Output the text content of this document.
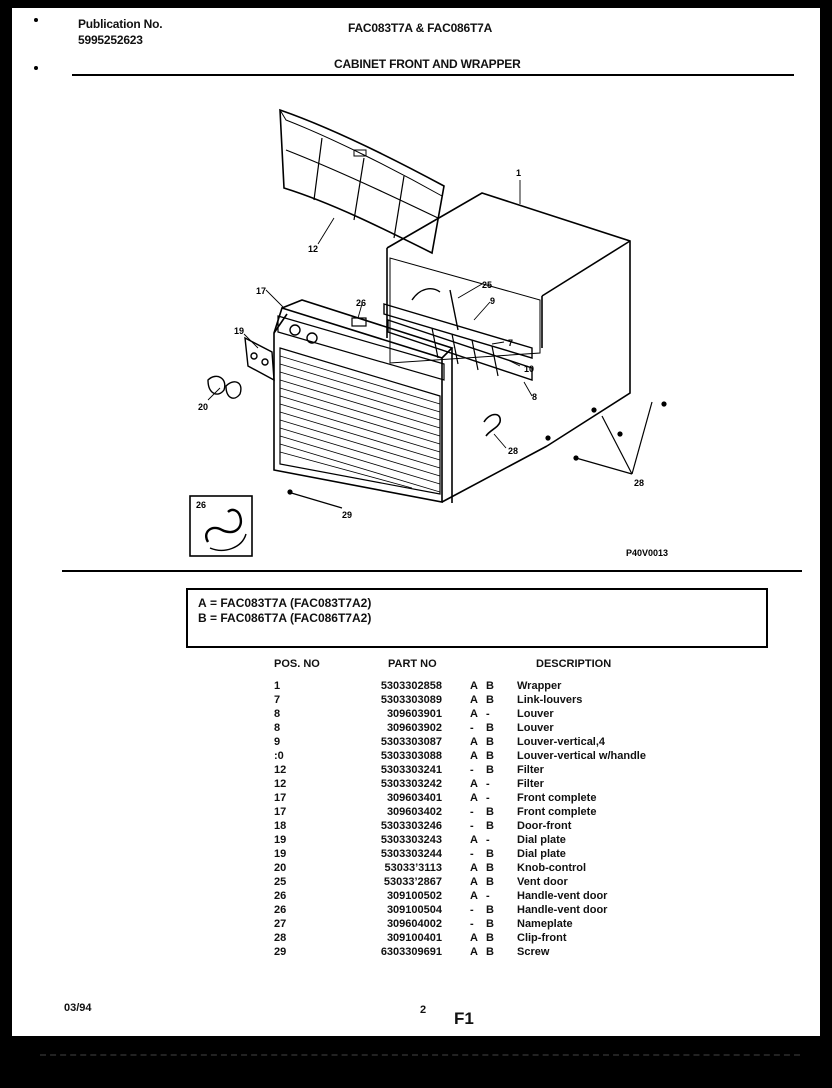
Publication No.
5995252623
FAC083T7A & FAC086T7A
CABINET FRONT AND WRAPPER
1
12
17
19
20
25
26	9
7
10
8
28
28
29
26
P40V0013
A = FAC083T7A (FAC083T7A2)
B = FAC086T7A (FAC086T7A2)
POS. NO	PART NO	DESCRIPTION
1	5303302858	A B Wrapper
7	5303303089	A B Link-louvers
8	309603901	A - Louver
8	309603902	- B Louver
9	5303303087	A B Louver-vertical,4
:0	5303303088	A B Louver-vertical w/handle
12	5303303241	- B Filter
12	5303303242	A - Filter
17	309603401	A - Front complete
17	309603402	- B Front complete
18	5303303246	- B Door-front
19	5303303243	A - Dial plate
19	5303303244	- B Dial plate
20	53033’3113	A B Knob-control
25	53033’2867	A B Vent door
26	309100502	A - Handle-vent door
26	309100504	- B Handle-vent door
27	309604002	- B Nameplate
28	309100401	A B Clip-front
29	6303309691	A B Screw
03/94	2 F1
